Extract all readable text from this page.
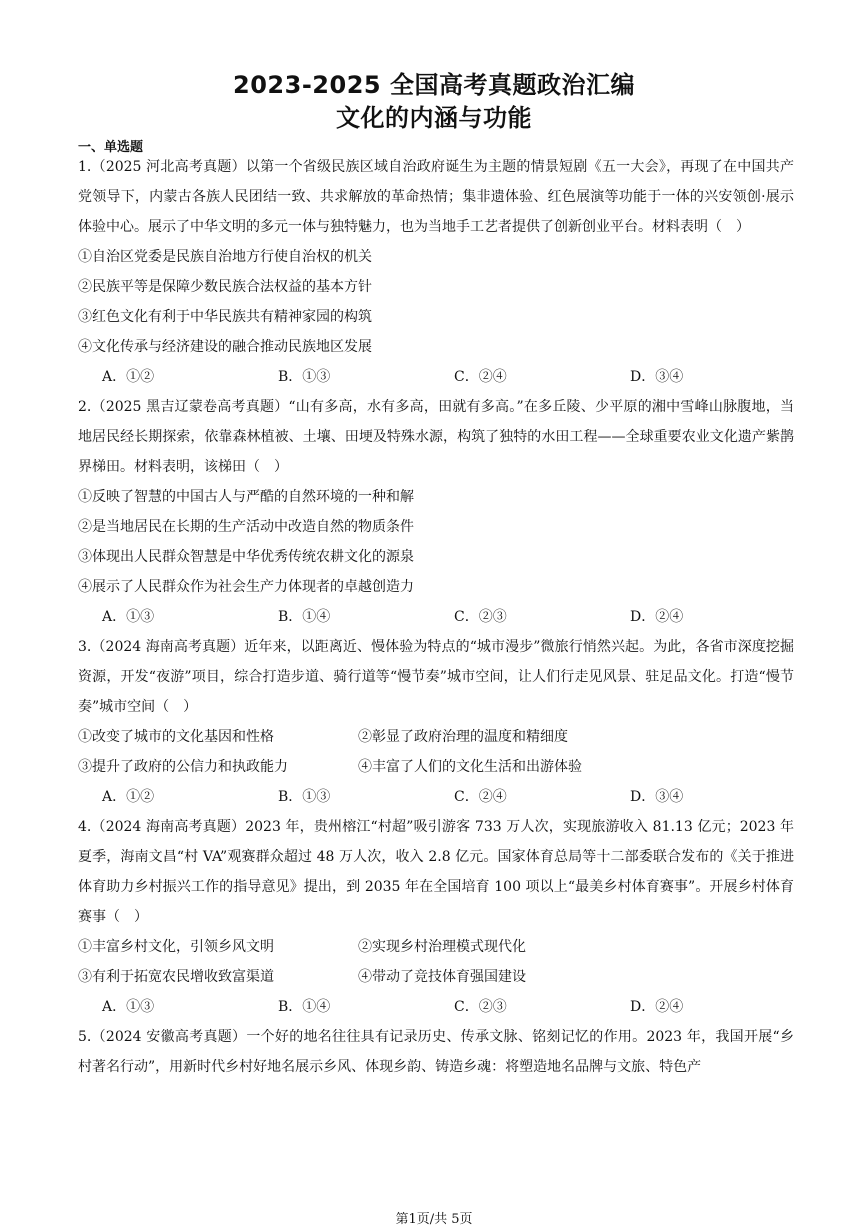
2023-2025 全国高考真题政治汇编
文化的内涵与功能
一、单选题

1.（2025 河北高考真题）以第一个省级民族区域自治政府诞生为主题的情景短剧《五一大会》，再现了在中国共产党领导下，内蒙古各族人民团结一致、共求解放的革命热情；集非遗体验、红色展演等功能于一体的兴安领创·展示体验中心。展示了中华文明的多元一体与独特魅力，也为当地手工艺者提供了创新创业平台。材料表明（　）

①自治区党委是民族自治地方行使自治权的机关

②民族平等是保障少数民族合法权益的基本方针

③红色文化有利于中华民族共有精神家园的构筑

④文化传承与经济建设的融合推动民族地区发展

A．①②	B．①③	C．②④	D．③④

2.（2025 黑吉辽蒙卷高考真题）“山有多高，水有多高，田就有多高。”在多丘陵、少平原的湘中雪峰山脉腹地，当地居民经长期探索，依靠森林植被、土壤、田埂及特殊水源，构筑了独特的水田工程——全球重要农业文化遗产紫鹊界梯田。材料表明，该梯田（　）

①反映了智慧的中国古人与严酷的自然环境的一种和解

②是当地居民在长期的生产活动中改造自然的物质条件

③体现出人民群众智慧是中华优秀传统农耕文化的源泉

④展示了人民群众作为社会生产力体现者的卓越创造力

A．①③	B．①④	C．②③	D．②④

3.（2024 海南高考真题）近年来，以距离近、慢体验为特点的“城市漫步”微旅行悄然兴起。为此，各省市深度挖掘资源，开发“夜游”项目，综合打造步道、骑行道等“慢节奏”城市空间，让人们行走见风景、驻足品文化。打造“慢节奏”城市空间（　）

①改变了城市的文化基因和性格	②彰显了政府治理的温度和精细度
③提升了政府的公信力和执政能力	④丰富了人们的文化生活和出游体验
A．①②	B．①③	C．②④	D．③④

4.（2024 海南高考真题）2023 年，贵州榕江“村超”吸引游客 733 万人次，实现旅游收入 81.13 亿元；2023 年夏季，海南文昌“村 VA”观赛群众超过 48 万人次，收入 2.8 亿元。国家体育总局等十二部委联合发布的《关于推进体育助力乡村振兴工作的指导意见》提出，到 2035 年在全国培育 100 项以上“最美乡村体育赛事”。开展乡村体育赛事（　）

①丰富乡村文化，引领乡风文明	②实现乡村治理模式现代化
③有利于拓宽农民增收致富渠道	④带动了竞技体育强国建设
A．①③	B．①④	C．②③	D．②④

5.（2024 安徽高考真题）一个好的地名往往具有记录历史、传承文脉、铭刻记忆的作用。2023 年，我国开展“乡村著名行动”，用新时代乡村好地名展示乡风、体现乡韵、铸造乡魂：将塑造地名品牌与文旅、特色产

第1页/共 5页
